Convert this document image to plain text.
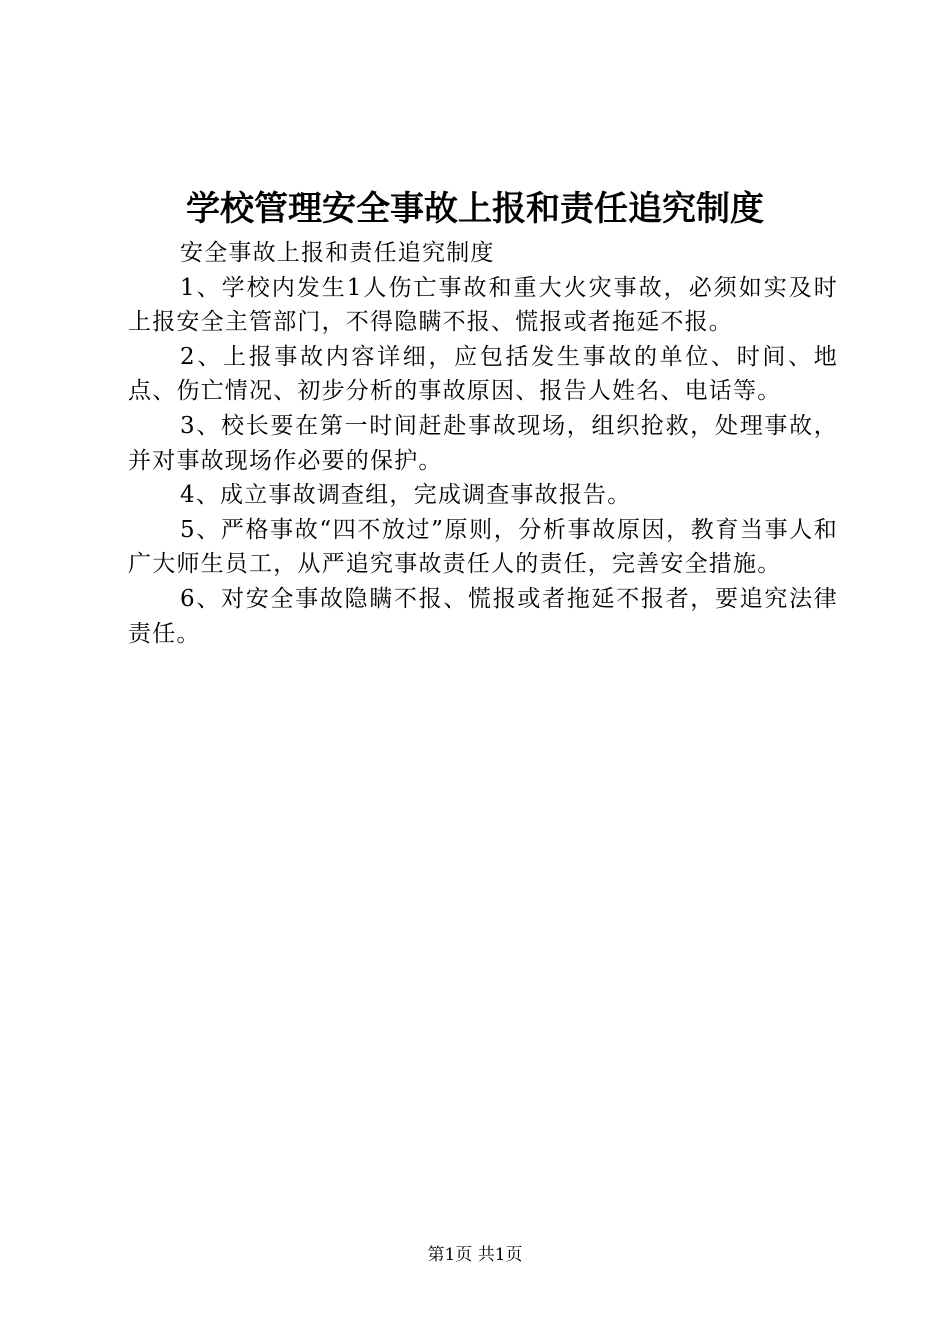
学校管理安全事故上报和责任追究制度

安全事故上报和责任追究制度

1、学校内发生1人伤亡事故和重大火灾事故，必须如实及时上报安全主管部门，不得隐瞒不报、慌报或者拖延不报。

2、上报事故内容详细，应包括发生事故的单位、时间、地点、伤亡情况、初步分析的事故原因、报告人姓名、电话等。

3、校长要在第一时间赶赴事故现场，组织抢救，处理事故，并对事故现场作必要的保护。

4、成立事故调查组，完成调查事故报告。

5、严格事故“四不放过”原则，分析事故原因，教育当事人和广大师生员工，从严追究事故责任人的责任，完善安全措施。

6、对安全事故隐瞒不报、慌报或者拖延不报者，要追究法律责任。

第1页 共1页
